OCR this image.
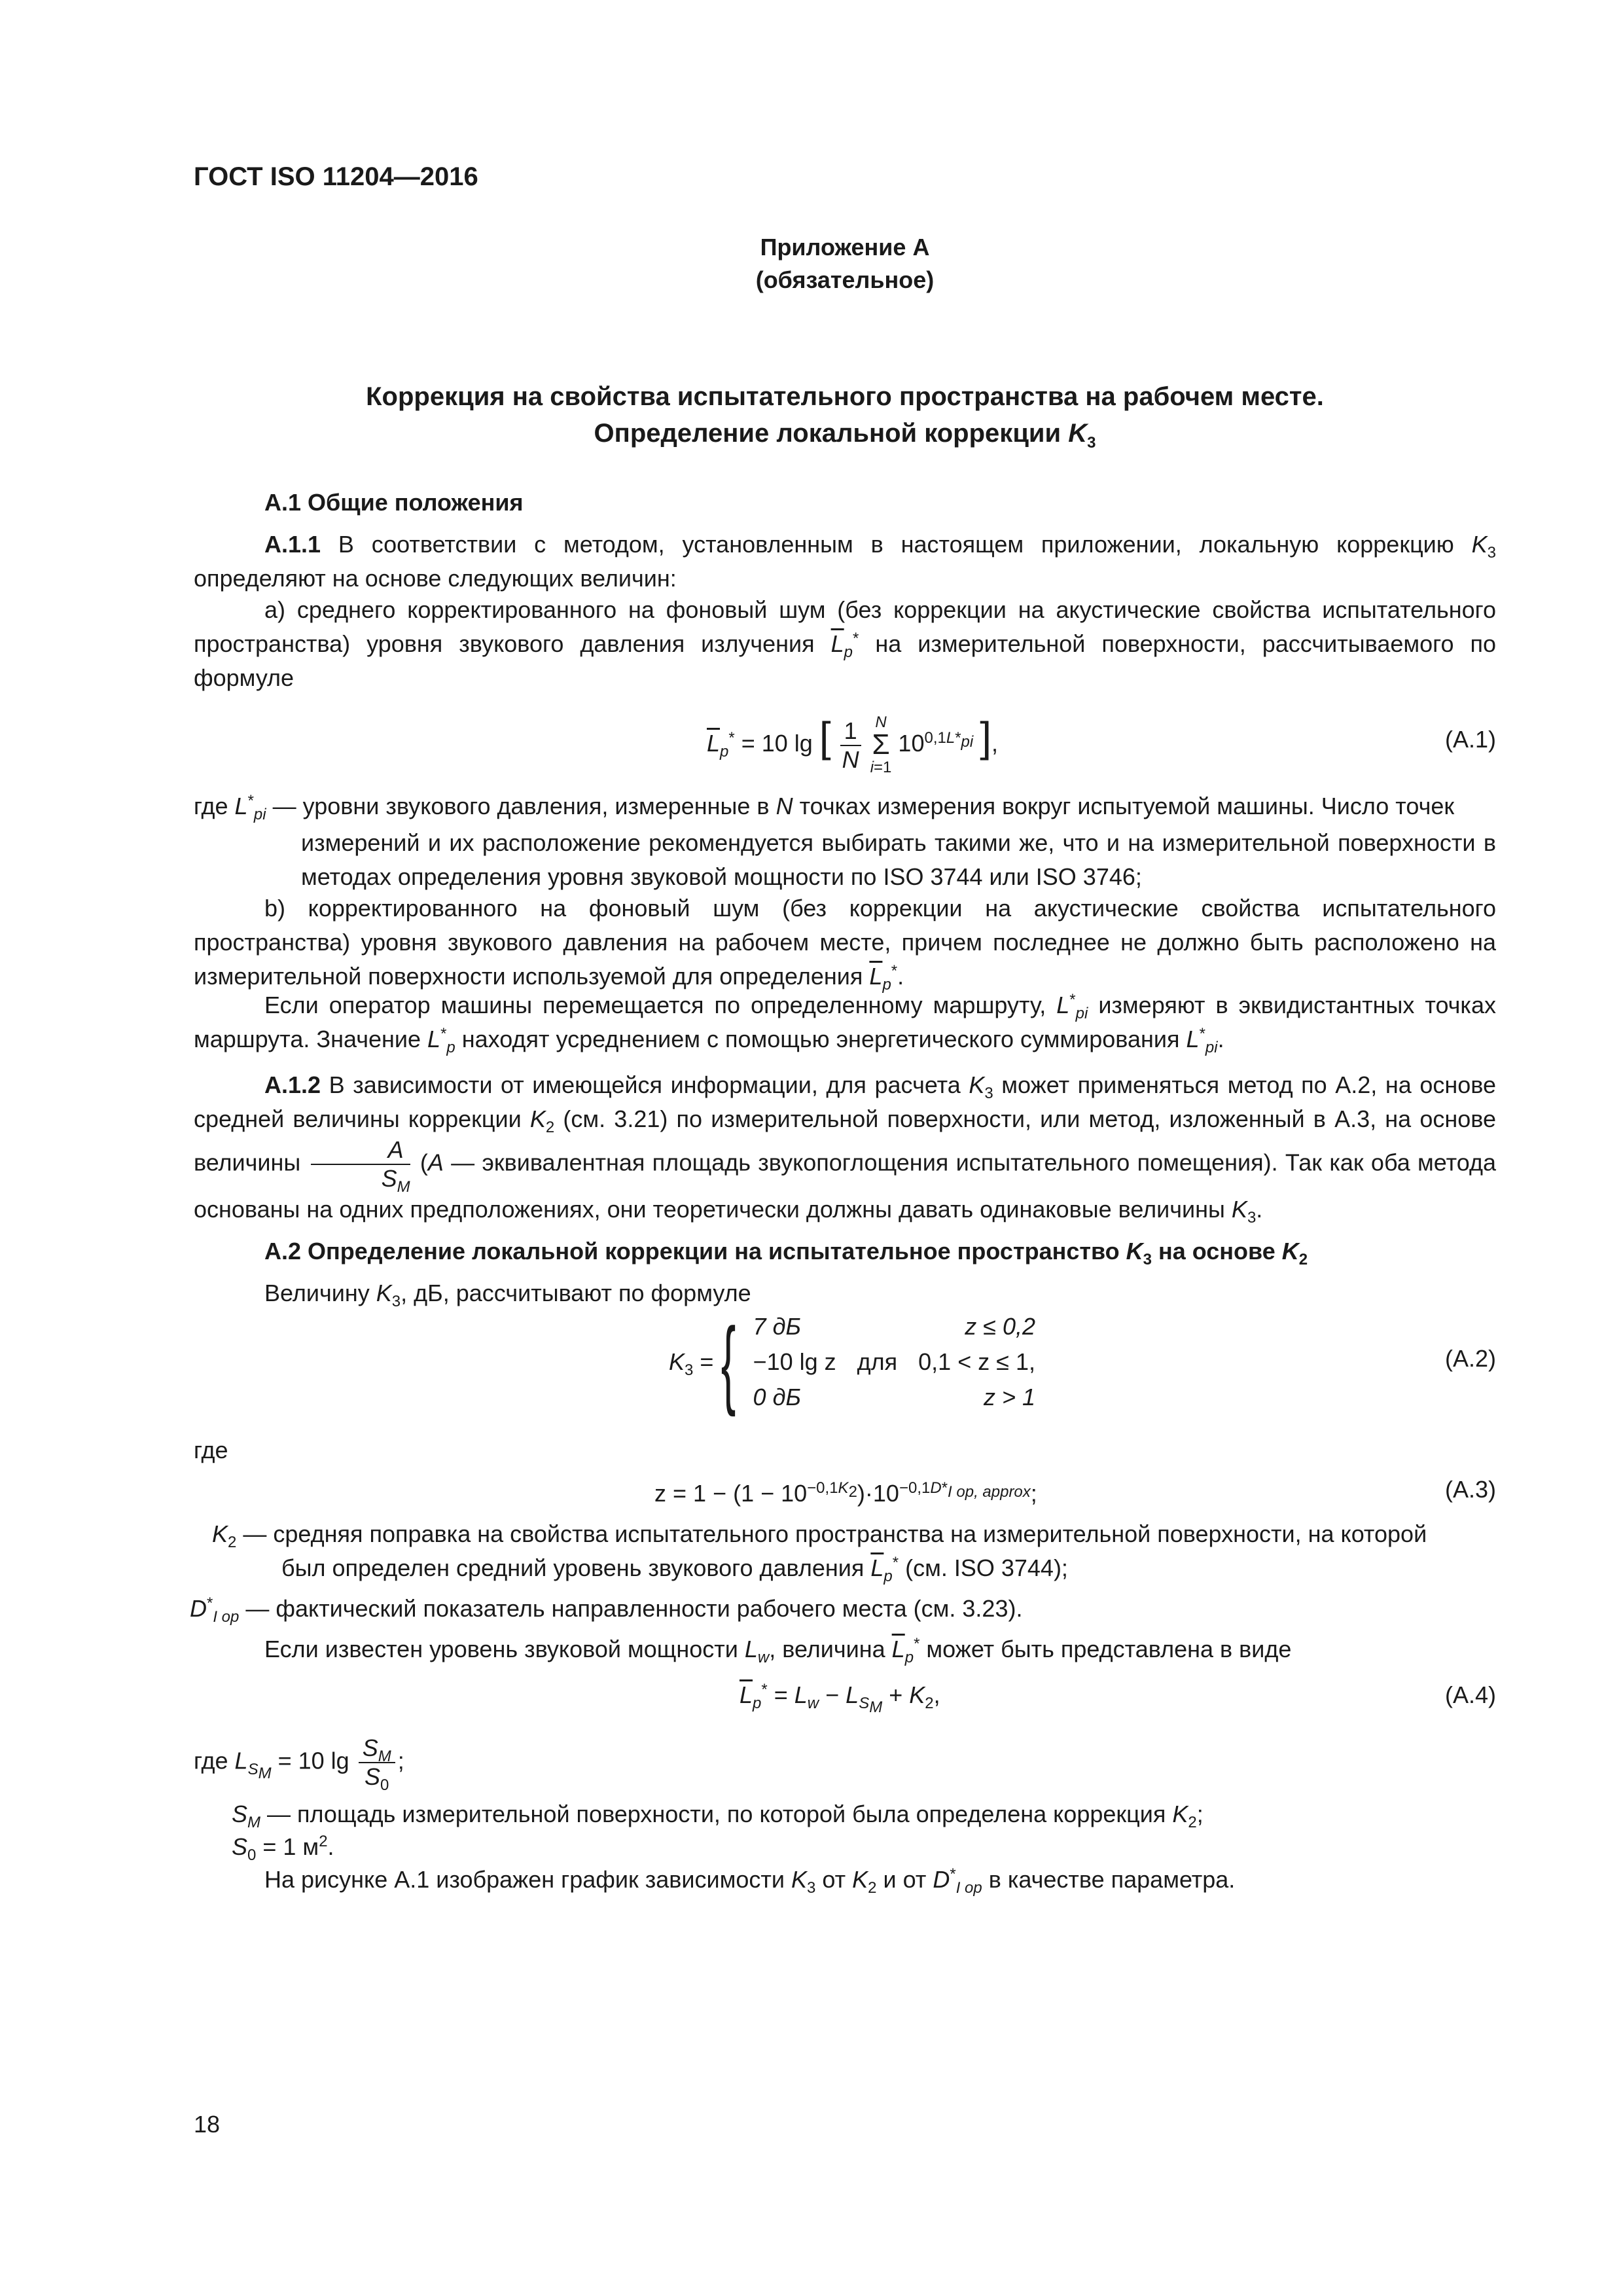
ГОСТ ISO 11204—2016
Приложение А
(обязательное)
Коррекция на свойства испытательного пространства на рабочем месте.
Определение локальной коррекции $K_3$
А.1 Общие положения
А.1.1 В соответствии с методом, установленным в настоящем приложении, локальную коррекцию $K_3$ определяют на основе следующих величин:
а) среднего корректированного на фоновый шум (без коррекции на акустические свойства испытательного пространства) уровня звукового давления излучения $\overline{L}_p^*$ на измерительной поверхности, рассчитываемого по формуле
$\overline{L}_p^* = 10$ lg [ $\frac{1}{N}$ N
Σ
i=1 $10^{0,1L*_{pi}}$ ],	(А.1)
где $L^*_{pi}$ — уровни звукового давления, измеренные в N точках измерения вокруг испытуемой машины. Число точек
измерений и их расположение рекомендуется выбирать такими же, что и на измерительной поверхности в методах определения уровня звуковой мощности по ISO 3744 или ISO 3746;
b) корректированного на фоновый шум (без коррекции на акустические свойства испытательного пространства) уровня звукового давления на рабочем месте, причем последнее не должно быть расположено на измерительной поверхности используемой для определения $\overline{L}_p^*$.
Если оператор машины перемещается по определенному маршруту, $L^*_{pi}$ измеряют в эквидистантных точках маршрута. Значение $L^*_p$ находят усреднением с помощью энергетического суммирования $L^*_{pi}$.
А.1.2 В зависимости от имеющейся информации, для расчета $K_3$ может применяться метод по А.2, на основе средней величины коррекции $K_2$ (см. 3.21) по измерительной поверхности, или метод, изложенный в А.3, на основе величины $\frac{A}{S_M} (A$ — эквивалентная площадь звукопоглощения испытательного помещения). Так как оба метода основаны на одних предположениях, они теоретически должны давать одинаковые величины $K_3$.
А.2 Определение локальной коррекции на испытательное пространство $K_3$ на основе $K_2$
Величину $K_3$, дБ, рассчитывают по формуле
$K_3$ = { 7 дБ		z ≤ 0,2
−10 lg z	для	0,1 < z ≤ 1,
0 дБ		z > 1
(А.2)
где
$z = 1 - (1 - 10^{-0,1K_2})\cdot 10^{-0,1D*_{I op, approx}}$;	(А.3)
$K_2$ — средняя поправка на свойства испытательного пространства на измерительной поверхности, на которой
был определен средний уровень звукового давления $\overline{L}_p^*$ (см. ISO 3744);
$D^*_{I op}$ — фактический показатель направленности рабочего места (см. 3.23).
Если известен уровень звуковой мощности $L_w$, величина $\overline{L}_p^*$ может быть представлена в виде
$\overline{L}_p^* = L_w - L_{S_M} + K_2$,	(А.4)
где $L_{S_M} = 10$ $\lg \frac{S_M}{S_0}$ ;
$S_M$ — площадь измерительной поверхности, по которой была определена коррекция $K_2$;
$S_0 = 1$ $м^2$.
На рисунке А.1 изображен график зависимости $K_3$ от $K_2$ и от $D^*_{I op}$ в качестве параметра.
18
